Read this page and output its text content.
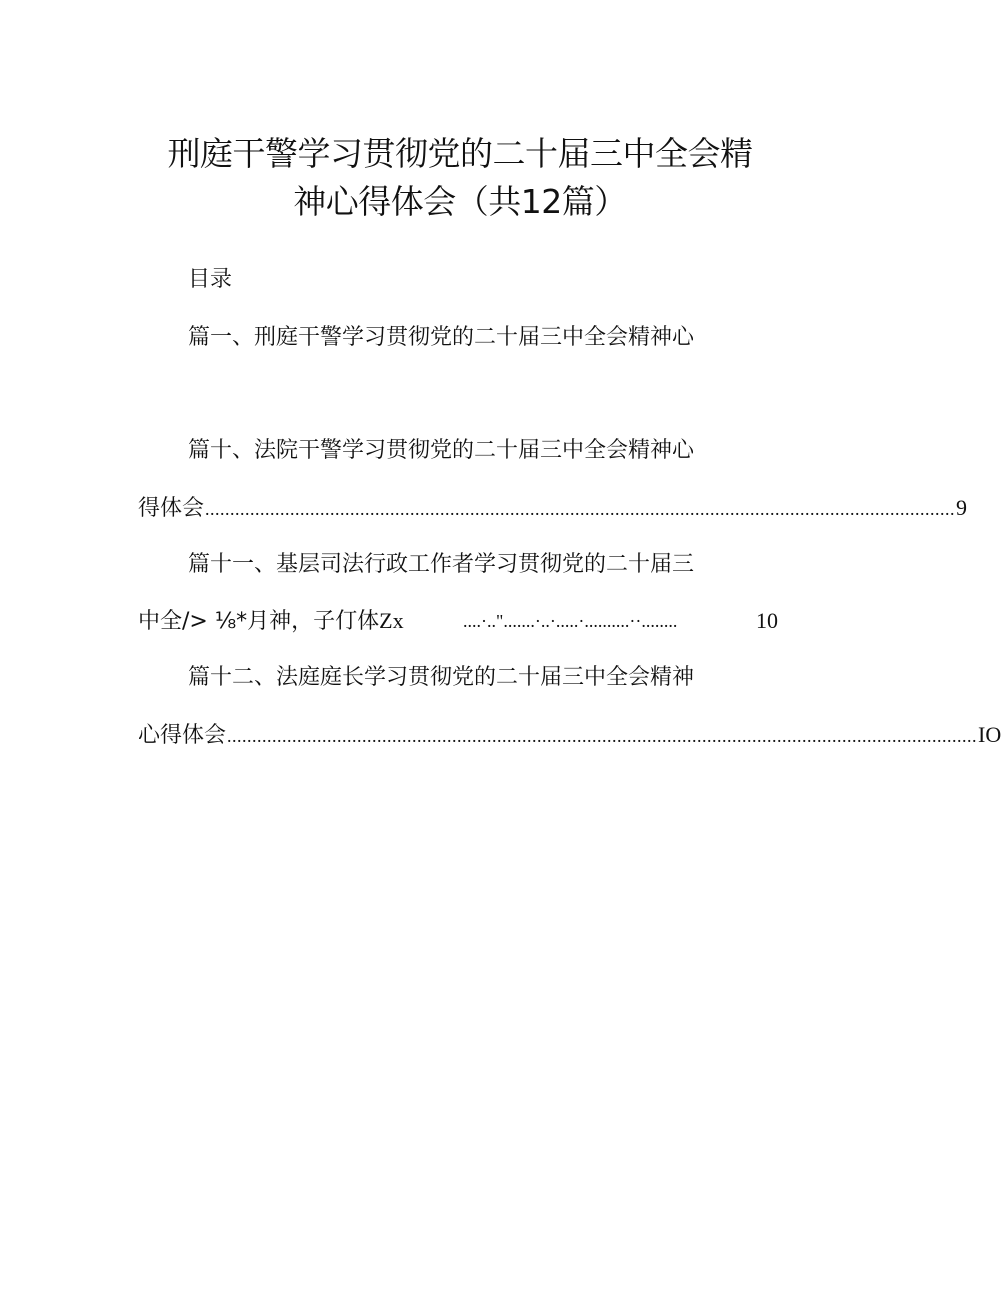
刑庭干警学习贯彻党的二十届三中全会精
神心得体会（共12篇）
目录
篇一、刑庭干警学习贯彻党的二十届三中全会精神心
篇十、法院干警学习贯彻党的二十届三中全会精神心
得体会 ...................................................................................................................................................... 9
篇十一、基层司法行政工作者学习贯彻党的二十届三
中全/> ⅛*月神，子仃体Zx	....·..".......·..·.....·..........··........	10
篇十二、法庭庭长学习贯彻党的二十届三中全会精神
心得体会 ...................................................................................................................................................... IO
